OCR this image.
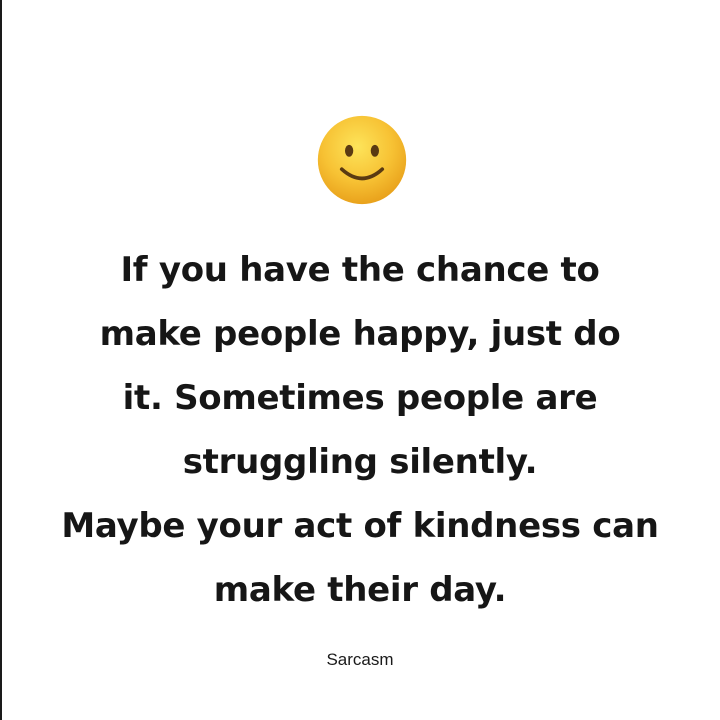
If you have the chance to
make people happy, just do
it. Sometimes people are
struggling silently.
Maybe your act of kindness can
make their day.
Sarcasm
